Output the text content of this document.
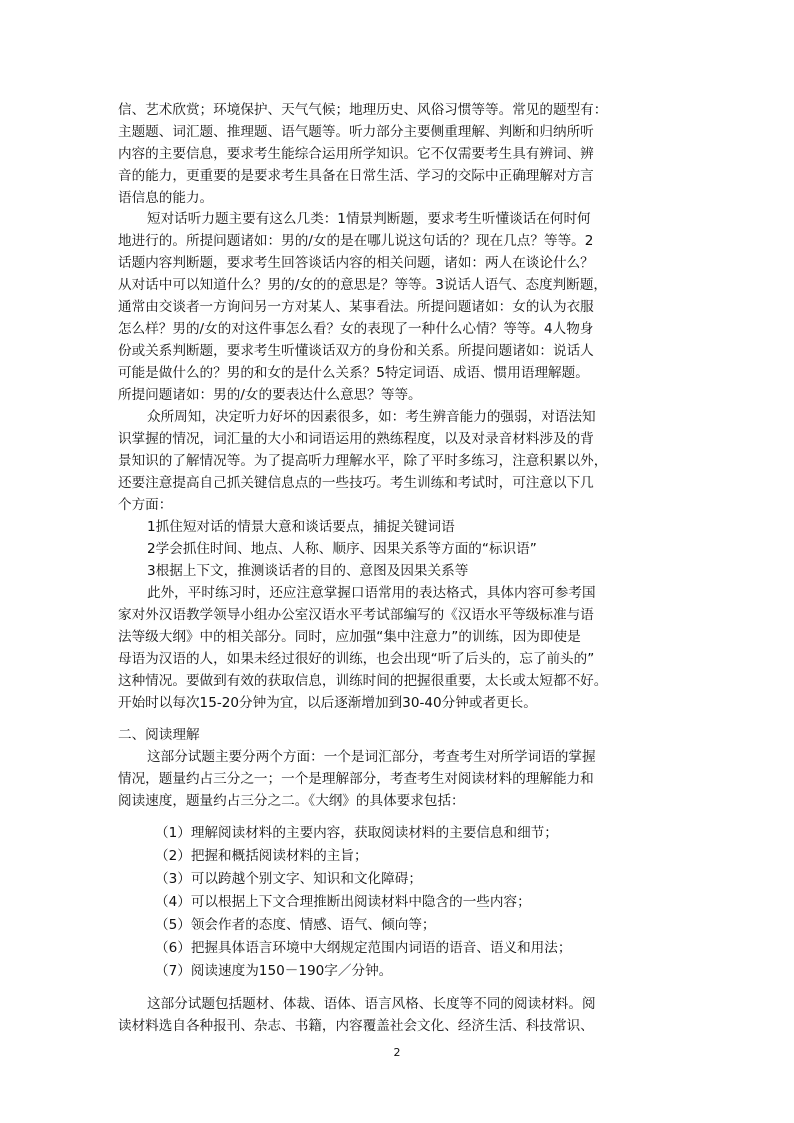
信、艺术欣赏；环境保护、天气气候；地理历史、风俗习惯等等。常见的题型有：
主题题、词汇题、推理题、语气题等。听力部分主要侧重理解、判断和归纳所听
内容的主要信息，要求考生能综合运用所学知识。它不仅需要考生具有辨词、辨
音的能力，更重要的是要求考生具备在日常生活、学习的交际中正确理解对方言
语信息的能力。
短对话听力题主要有这么几类：1情景判断题，要求考生听懂谈话在何时何
地进行的。所提问题诸如：男的/女的是在哪儿说这句话的？现在几点？等等。2
话题内容判断题，要求考生回答谈话内容的相关问题，诸如：两人在谈论什么？
从对话中可以知道什么？男的/女的的意思是？等等。3说话人语气、态度判断题，
通常由交谈者一方询问另一方对某人、某事看法。所提问题诸如：女的认为衣服
怎么样？男的/女的对这件事怎么看？女的表现了一种什么心情？等等。4人物身
份或关系判断题，要求考生听懂谈话双方的身份和关系。所提问题诸如：说话人
可能是做什么的？男的和女的是什么关系？5特定词语、成语、惯用语理解题。
所提问题诸如：男的/女的要表达什么意思？等等。
众所周知，决定听力好坏的因素很多，如：考生辨音能力的强弱，对语法知
识掌握的情况，词汇量的大小和词语运用的熟练程度，以及对录音材料涉及的背
景知识的了解情况等。为了提高听力理解水平，除了平时多练习，注意积累以外，
还要注意提高自己抓关键信息点的一些技巧。考生训练和考试时，可注意以下几
个方面：
1抓住短对话的情景大意和谈话要点，捕捉关键词语
2学会抓住时间、地点、人称、顺序、因果关系等方面的“标识语”
3根据上下文，推测谈话者的目的、意图及因果关系等
此外，平时练习时，还应注意掌握口语常用的表达格式，具体内容可参考国
家对外汉语教学领导小组办公室汉语水平考试部编写的《汉语水平等级标准与语
法等级大纲》中的相关部分。同时，应加强“集中注意力”的训练，因为即使是
母语为汉语的人，如果未经过很好的训练，也会出现“听了后头的，忘了前头的”
这种情况。要做到有效的获取信息，训练时间的把握很重要，太长或太短都不好。
开始时以每次15-20分钟为宜，以后逐渐增加到30-40分钟或者更长。
二、阅读理解
这部分试题主要分两个方面：一个是词汇部分，考查考生对所学词语的掌握
情况，题量约占三分之一；一个是理解部分，考查考生对阅读材料的理解能力和
阅读速度，题量约占三分之二。《大纲》的具体要求包括：
（1）理解阅读材料的主要内容，获取阅读材料的主要信息和细节；
（2）把握和概括阅读材料的主旨；
（3）可以跨越个别文字、知识和文化障碍；
（4）可以根据上下文合理推断出阅读材料中隐含的一些内容；
（5）领会作者的态度、情感、语气、倾向等；
（6）把握具体语言环境中大纲规定范围内词语的语音、语义和用法；
（7）阅读速度为150－190字／分钟。
这部分试题包括题材、体裁、语体、语言风格、长度等不同的阅读材料。阅
读材料选自各种报刊、杂志、书籍，内容覆盖社会文化、经济生活、科技常识、
2
